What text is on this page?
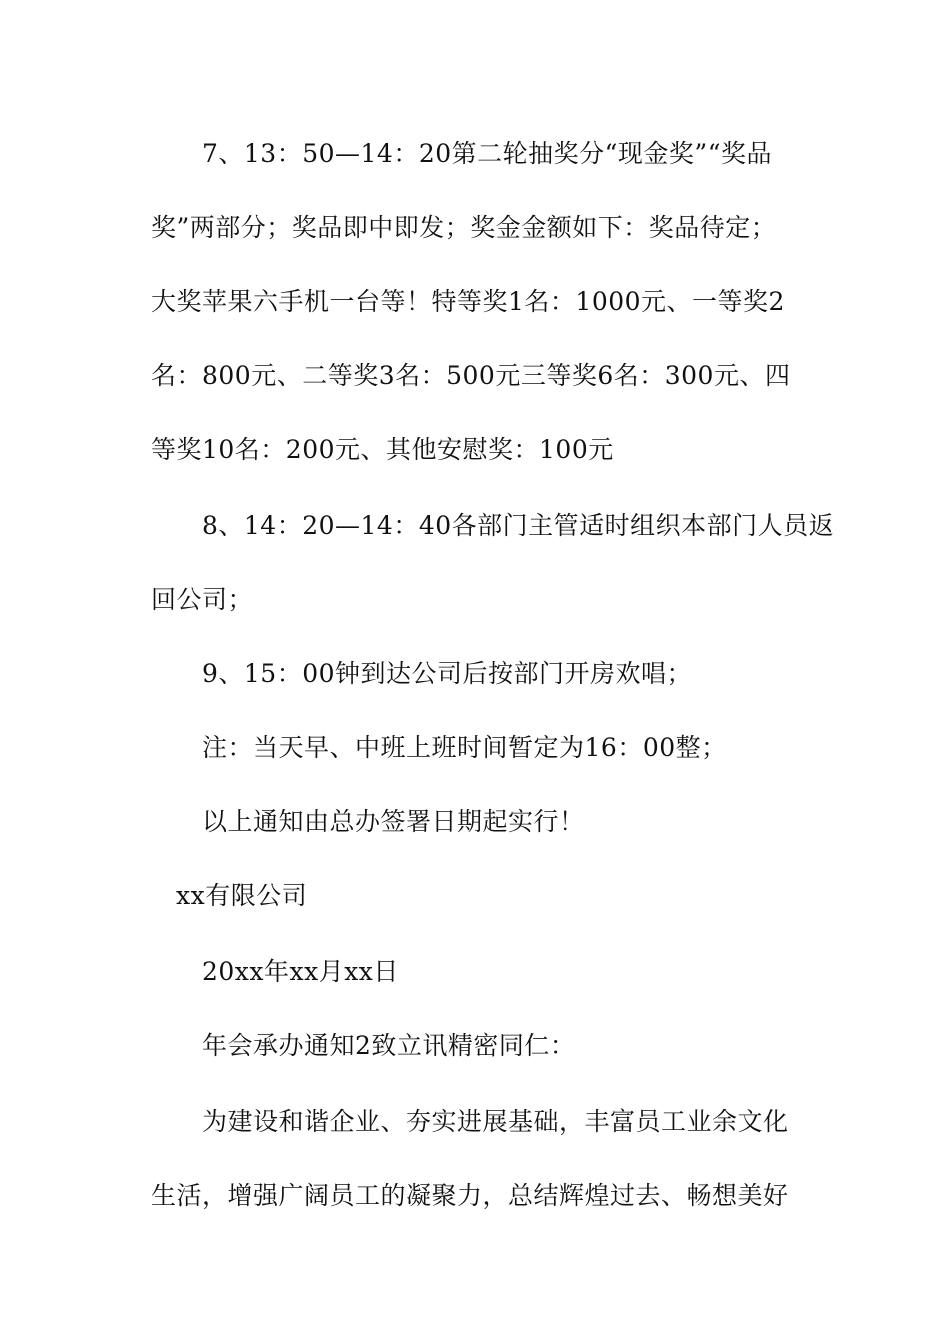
7、13：50—14：20第二轮抽奖分“现金奖”“奖品
奖”两部分；奖品即中即发；奖金金额如下：奖品待定；
大奖苹果六手机一台等！特等奖1名：1000元、一等奖2
名：800元、二等奖3名：500元三等奖6名：300元、四
等奖10名：200元、其他安慰奖：100元
8、14：20—14：40各部门主管适时组织本部门人员返
回公司；
9、15：00钟到达公司后按部门开房欢唱；
注：当天早、中班上班时间暂定为16：00整；
以上通知由总办签署日期起实行！
xx有限公司
20xx年xx月xx日
年会承办通知2致立讯精密同仁：
为建设和谐企业、夯实进展基础，丰富员工业余文化
生活，增强广阔员工的凝聚力，总结辉煌过去、畅想美好
